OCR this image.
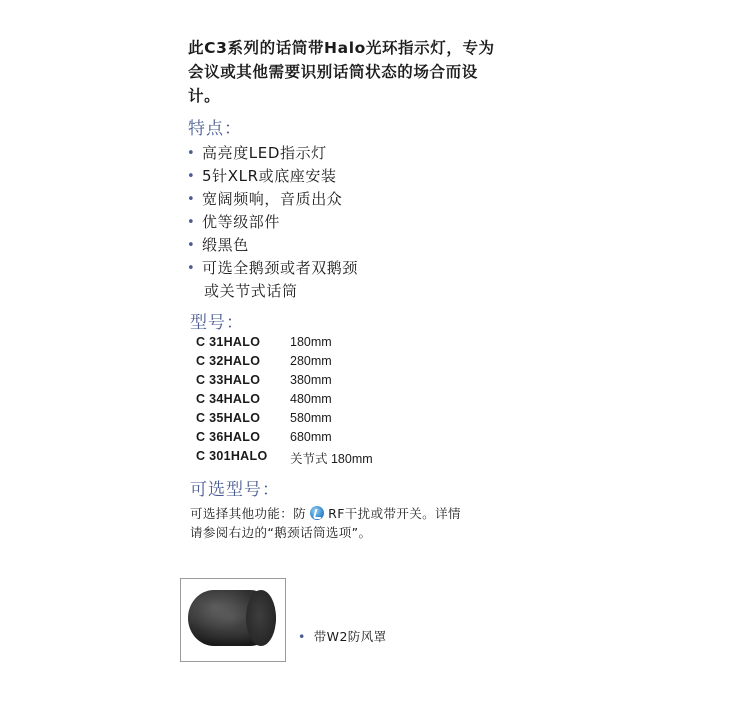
此C3系列的话筒带Halo光环指示灯，专为
会议或其他需要识别话筒状态的场合而设
计。
特点：
• 高亮度LED指示灯
• 5针XLR或底座安装
• 宽阔频响，音质出众
• 优等级部件
• 缎黑色
• 可选全鹅颈或者双鹅颈
或关节式话筒
型号：
C 31HALO 180mm
C 32HALO 280mm
C 33HALO 380mm
C 34HALO 480mm
C 35HALO 580mm
C 36HALO 680mm
C 301HALO 关节式 180mm
可选型号：
可选择其他功能：防 RF干扰或带开关。详情
请参阅右边的“鹅颈话筒选项”。
• 带W2防风罩
